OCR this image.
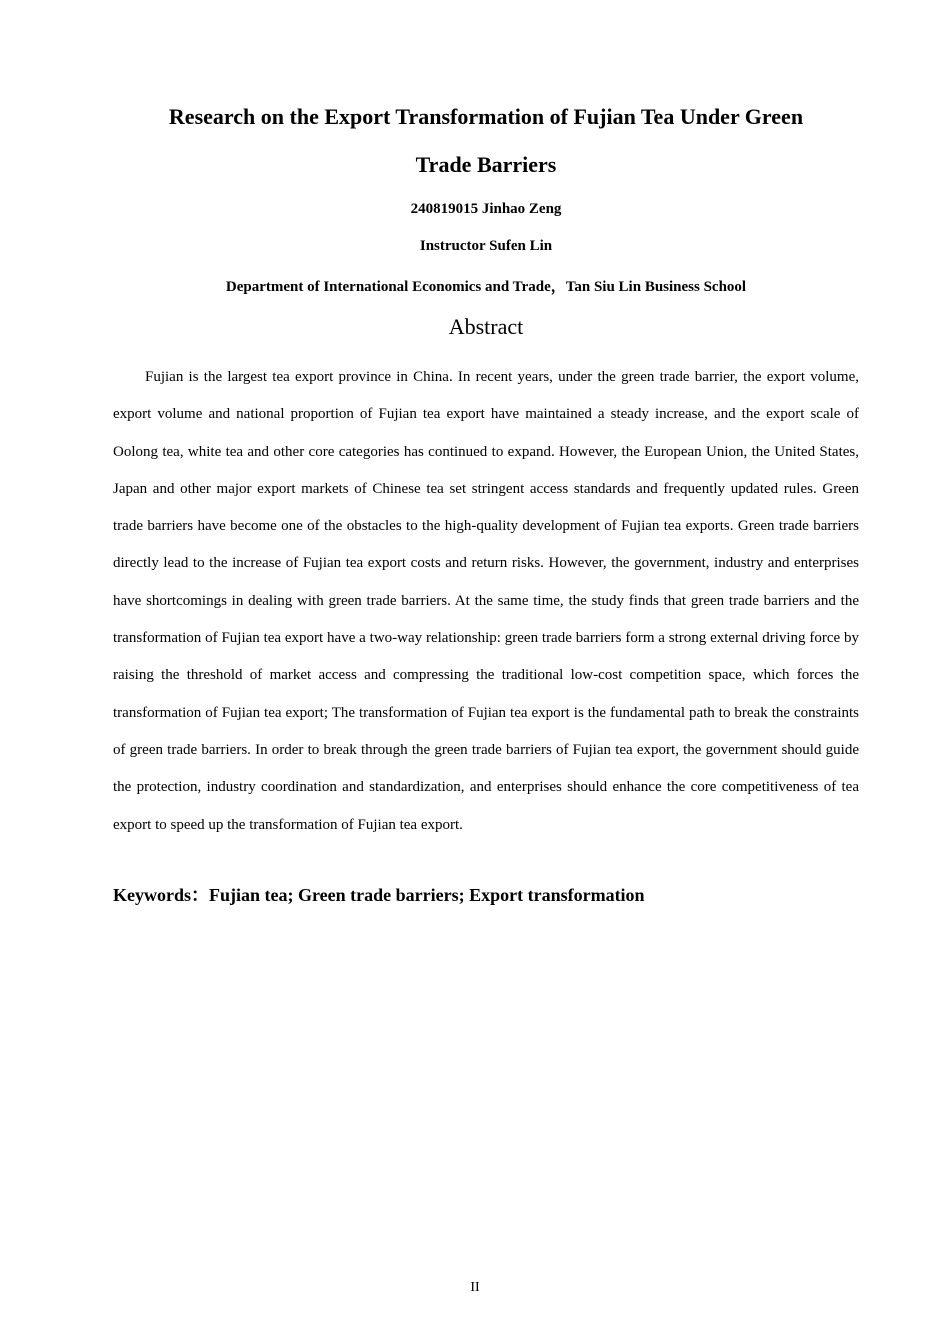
Research on the Export Transformation of Fujian Tea Under Green
Trade Barriers

240819015 Jinhao Zeng

Instructor Sufen Lin

Department of International Economics and Trade，Tan Siu Lin Business School

Abstract

Fujian is the largest tea export province in China. In recent years, under the green trade barrier, the export volume, export volume and national proportion of Fujian tea export have maintained a steady increase, and the export scale of Oolong tea, white tea and other core categories has continued to expand. However, the European Union, the United States, Japan and other major export markets of Chinese tea set stringent access standards and frequently updated rules. Green trade barriers have become one of the obstacles to the high-quality development of Fujian tea exports. Green trade barriers directly lead to the increase of Fujian tea export costs and return risks. However, the government, industry and enterprises have shortcomings in dealing with green trade barriers. At the same time, the study finds that green trade barriers and the transformation of Fujian tea export have a two-way relationship: green trade barriers form a strong external driving force by raising the threshold of market access and compressing the traditional low-cost competition space, which forces the transformation of Fujian tea export; The transformation of Fujian tea export is the fundamental path to break the constraints of green trade barriers. In order to break through the green trade barriers of Fujian tea export, the government should guide the protection, industry coordination and standardization, and enterprises should enhance the core competitiveness of tea export to speed up the transformation of Fujian tea export.

Keywords：Fujian tea; Green trade barriers; Export transformation

II
